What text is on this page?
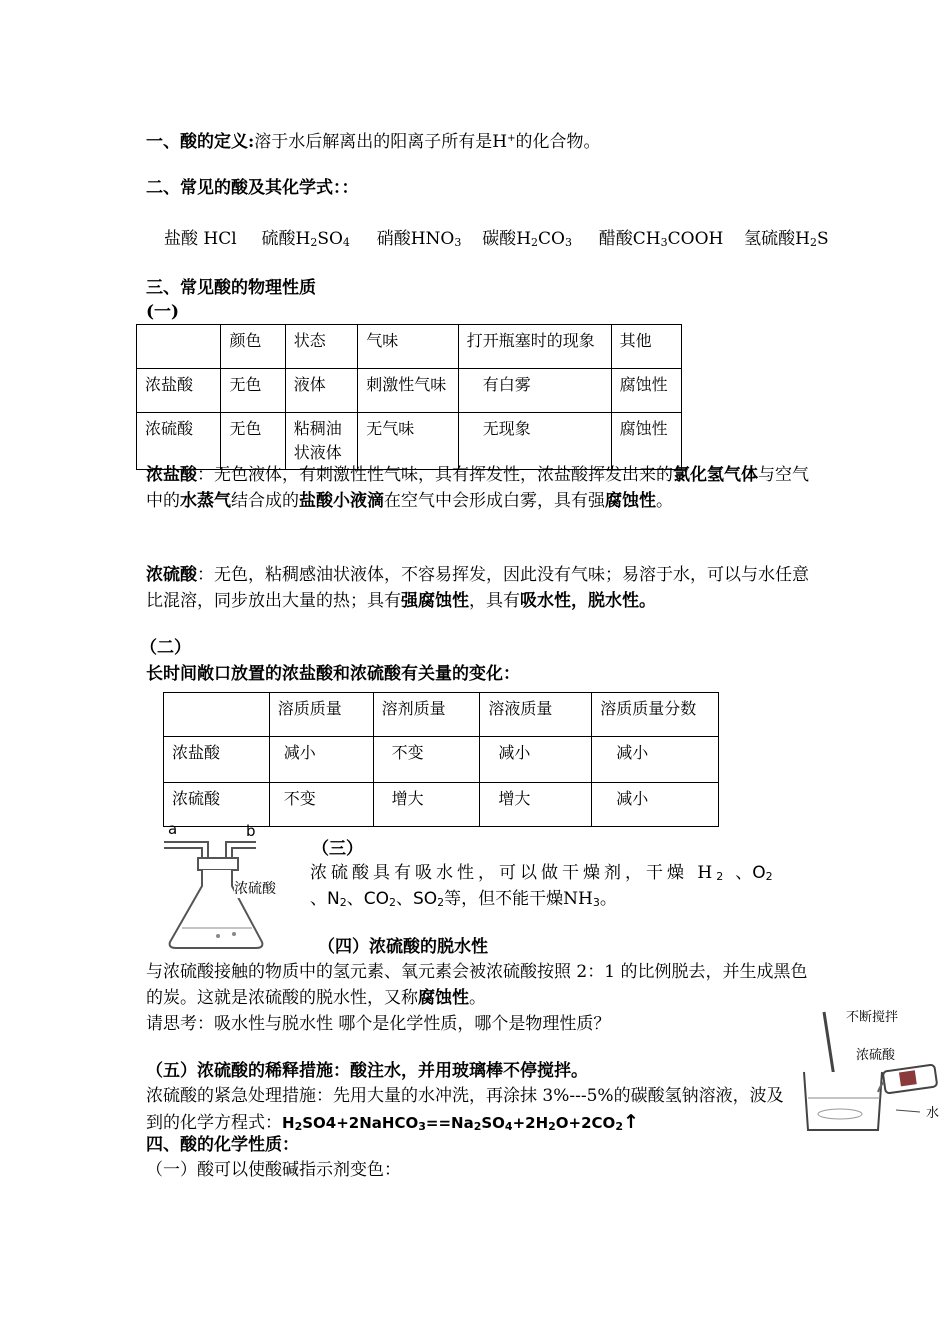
一、酸的定义:溶于水后解离出的阳离子所有是H+的化合物。
二、常见的酸及其化学式：：
盐酸 HCl 硫酸$H_2SO_4$ 硝酸$HNO_3$ 碳酸$H_2CO_3$ 醋酸$CH_3COOH$ 氢硫酸$H_2S$
三、常见酸的物理性质
(一)
	颜色	状态	气味	打开瓶塞时的现象	其他
浓盐酸	无色	液体	刺激性气味	有白雾	腐蚀性
浓硫酸	无色	粘稠油状液体	无气味	无现象	腐蚀性
浓盐酸：无色液体，有刺激性性气味，具有挥发性，浓盐酸挥发出来的氯化氢气体与空气中的水蒸气结合成的盐酸小液滴在空气中会形成白雾，具有强腐蚀性。
浓硫酸：无色，粘稠感油状液体，不容易挥发，因此没有气味；易溶于水，可以与水任意比混溶，同步放出大量的热；具有强腐蚀性，具有吸水性，脱水性。
（二）
长时间敞口放置的浓盐酸和浓硫酸有关量的变化：
	溶质质量	溶剂质量	溶液质量	溶质质量分数
浓盐酸	减小	不变	减小	减小
浓硫酸	不变	增大	增大	减小
a	b
浓硫酸
（三）
浓硫酸具有吸水性，可以做干燥剂，干燥 $H_2$ 、$O_2$
、$N_2$、$CO_2$、$SO_2$等，但不能干燥$NH_3$。
（四）浓硫酸的脱水性
与浓硫酸接触的物质中的氢元素、氧元素会被浓硫酸按照 2：1 的比例脱去，并生成黑色的炭。这就是浓硫酸的脱水性，又称腐蚀性。
请思考：吸水性与脱水性 哪个是化学性质，哪个是物理性质？	不断搅拌
浓硫酸
水
（五）浓硫酸的稀释措施：酸注水，并用玻璃棒不停搅拌。
浓硫酸的紧急处理措施：先用大量的水冲洗，再涂抹 3%---5%的碳酸氢钠溶液，波及到的化学方程式：$H_2SO4+2NaHCO_3==Na_2SO_4+2H_2O+2CO_2↑$
四、酸的化学性质：
（一）酸可以使酸碱指示剂变色：
